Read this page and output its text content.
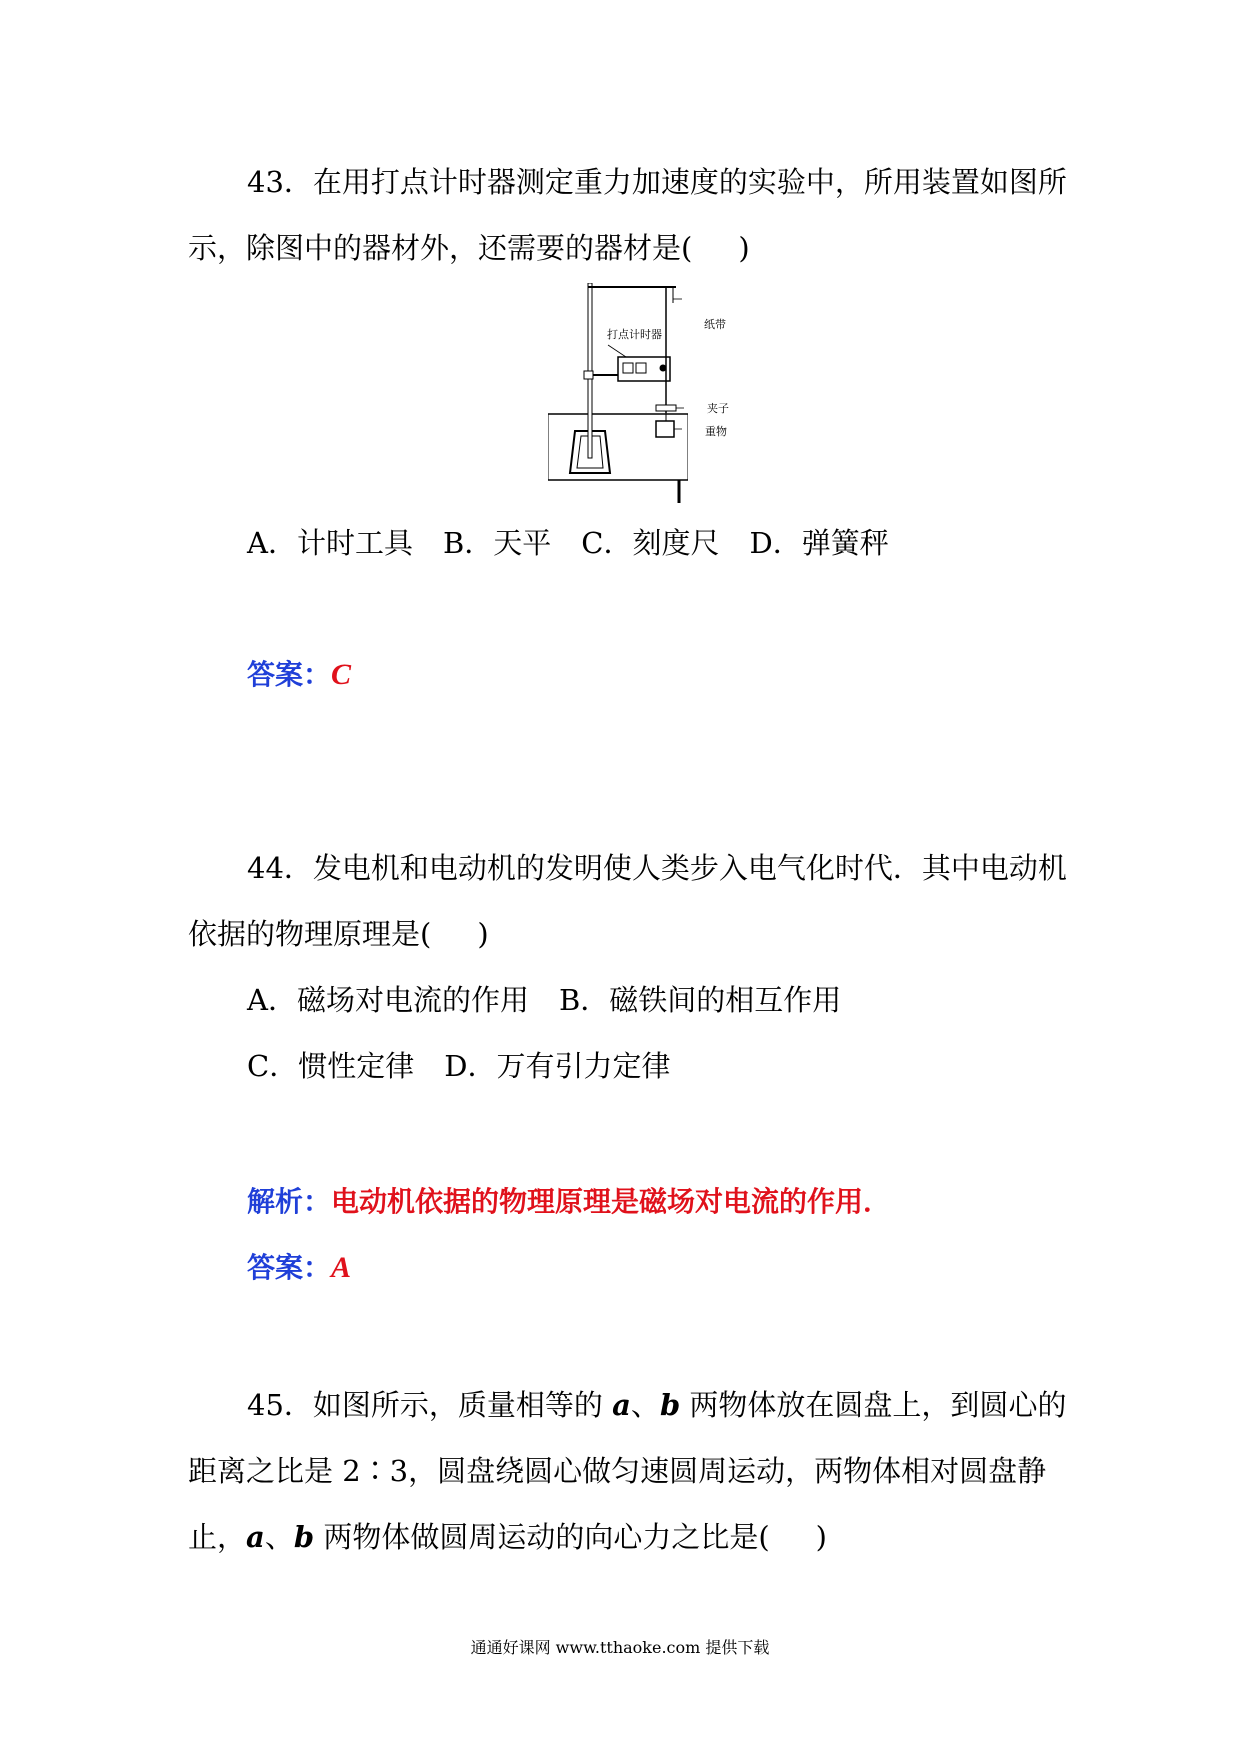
43．在用打点计时器测定重力加速度的实验中，所用装置如图所
示，除图中的器材外，还需要的器材是( )
打点计时器
纸带
夹子
重物
A．计时工具 B．天平 C．刻度尺 D．弹簧秤
答案：C
44．发电机和电动机的发明使人类步入电气化时代．其中电动机
依据的物理原理是( )
A．磁场对电流的作用 B．磁铁间的相互作用
C．惯性定律 D．万有引力定律
解析：电动机依据的物理原理是磁场对电流的作用．
答案：A
45．如图所示，质量相等的 a、b 两物体放在圆盘上，到圆心的
距离之比是 2∶3，圆盘绕圆心做匀速圆周运动，两物体相对圆盘静
止，a、b 两物体做圆周运动的向心力之比是( )
通通好课网 www.tthaoke.com 提供下载
